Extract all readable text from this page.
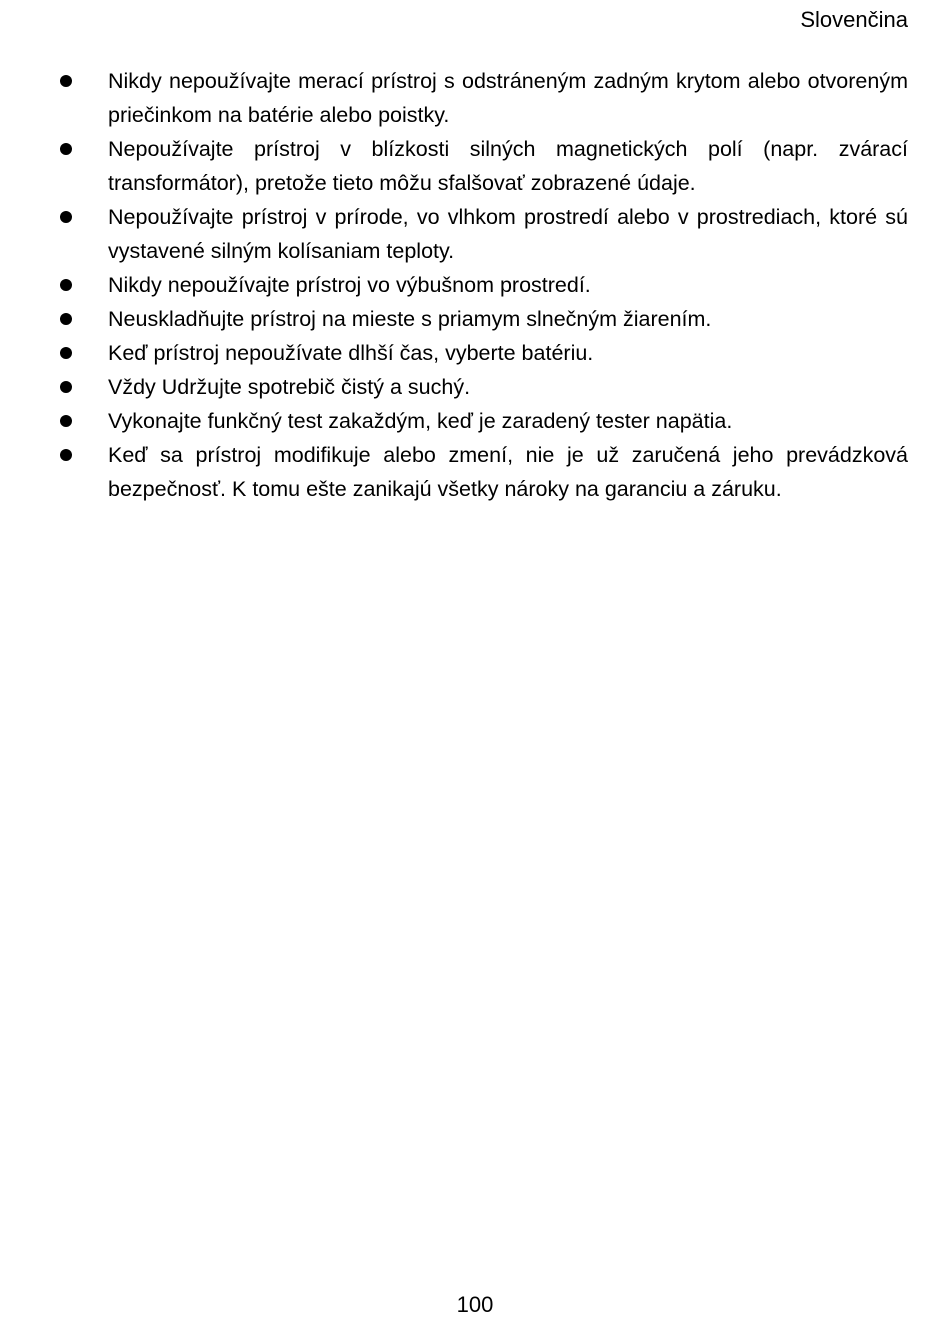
Slovenčina
Nikdy nepoužívajte merací prístroj s odstráneným zadným krytom alebo otvoreným priečinkom na batérie alebo poistky.
Nepoužívajte prístroj v blízkosti silných magnetických polí (napr. zvárací transformátor), pretože tieto môžu sfalšovať zobrazené údaje.
Nepoužívajte prístroj v prírode, vo vlhkom prostredí alebo v prostrediach, ktoré sú vystavené silným kolísaniam teploty.
Nikdy nepoužívajte prístroj vo výbušnom prostredí.
Neuskladňujte prístroj na mieste s priamym slnečným žiarením.
Keď prístroj nepoužívate dlhší čas, vyberte batériu.
Vždy Udržujte spotrebič čistý a suchý.
Vykonajte funkčný test zakaždým, keď je zaradený tester napätia.
Keď sa prístroj modifikuje alebo zmení, nie je už zaručená jeho prevádzková bezpečnosť. K tomu ešte zanikajú všetky nároky na garanciu a záruku.
100
